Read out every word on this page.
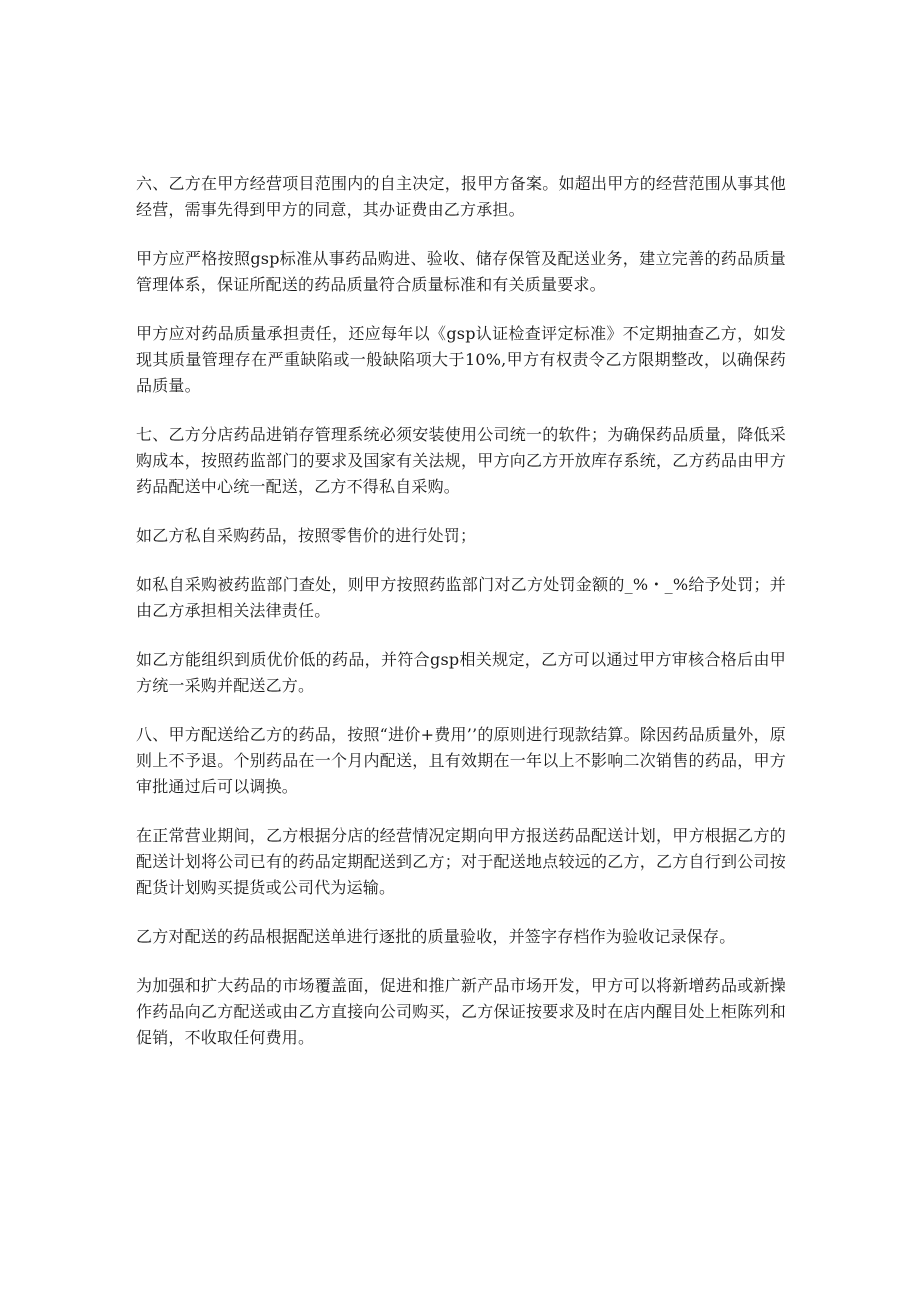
六、乙方在甲方经营项目范围内的自主决定，报甲方备案。如超出甲方的经营范围从事其他经营，需事先得到甲方的同意，其办证费由乙方承担。

甲方应严格按照gsp标准从事药品购进、验收、储存保管及配送业务，建立完善的药品质量管理体系，保证所配送的药品质量符合质量标准和有关质量要求。

甲方应对药品质量承担责任，还应每年以《gsp认证检查评定标准》不定期抽查乙方，如发现其质量管理存在严重缺陷或一般缺陷项大于10%,甲方有权责令乙方限期整改，以确保药品质量。

七、乙方分店药品进销存管理系统必须安装使用公司统一的软件；为确保药品质量，降低采购成本，按照药监部门的要求及国家有关法规，甲方向乙方开放库存系统，乙方药品由甲方药品配送中心统一配送，乙方不得私自采购。

如乙方私自采购药品，按照零售价的进行处罚；

如私自采购被药监部门查处，则甲方按照药监部门对乙方处罚金额的_%・_%给予处罚；并由乙方承担相关法律责任。

如乙方能组织到质优价低的药品，并符合gsp相关规定，乙方可以通过甲方审核合格后由甲方统一采购并配送乙方。

八、甲方配送给乙方的药品，按照“进价+费用’’的原则进行现款结算。除因药品质量外，原则上不予退。个别药品在一个月内配送，且有效期在一年以上不影响二次销售的药品，甲方审批通过后可以调换。

在正常营业期间，乙方根据分店的经营情况定期向甲方报送药品配送计划，甲方根据乙方的配送计划将公司已有的药品定期配送到乙方；对于配送地点较远的乙方，乙方自行到公司按配货计划购买提货或公司代为运输。

乙方对配送的药品根据配送单进行逐批的质量验收，并签字存档作为验收记录保存。

为加强和扩大药品的市场覆盖面，促进和推广新产品市场开发，甲方可以将新增药品或新操作药品向乙方配送或由乙方直接向公司购买，乙方保证按要求及时在店内醒目处上柜陈列和促销，不收取任何费用。
